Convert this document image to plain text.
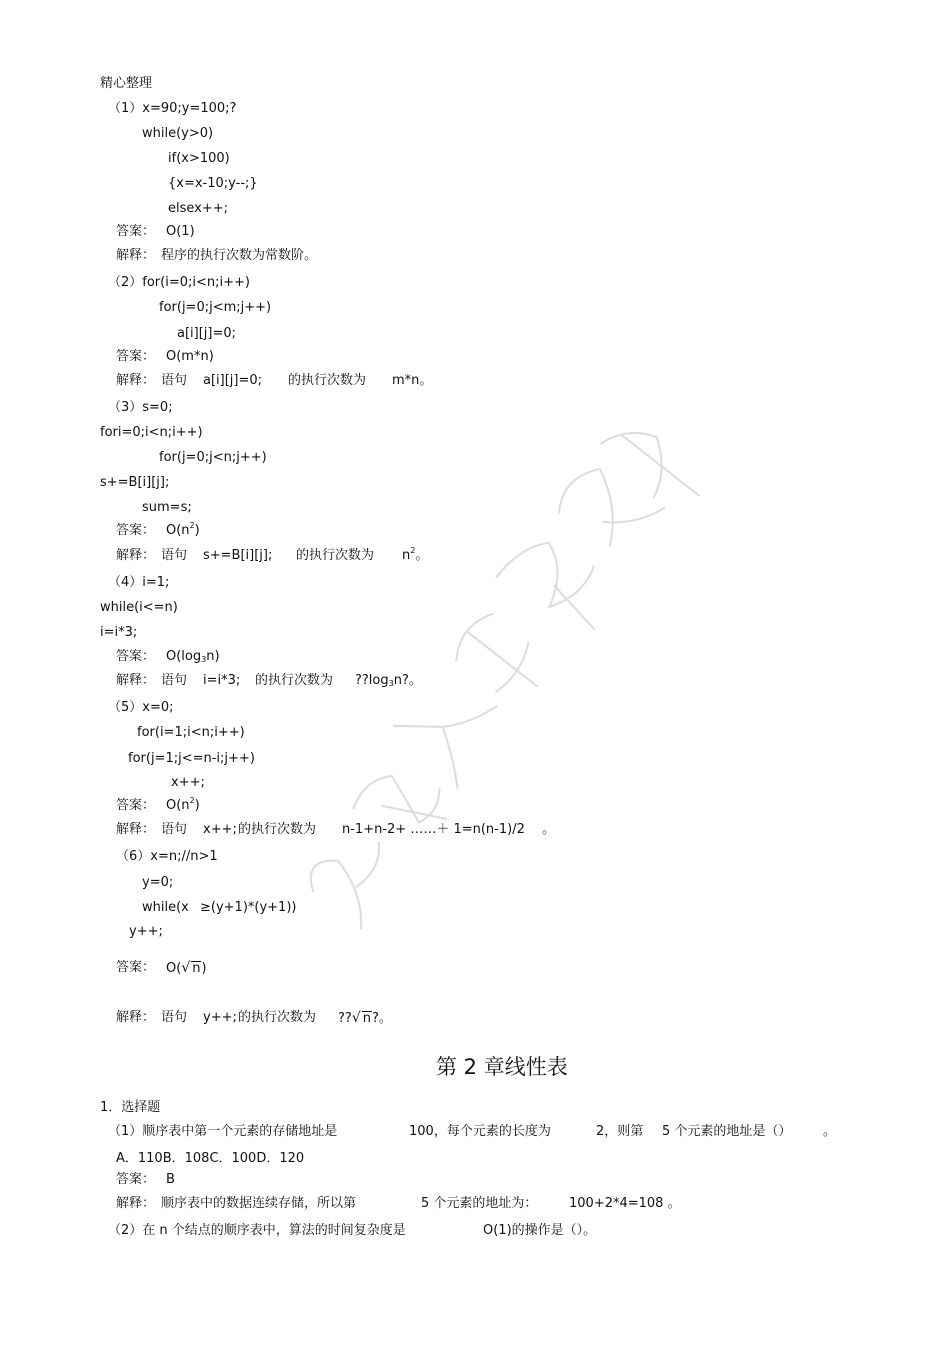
精心整理
（1）x=90;y=100;?
while(y>0)
if(x>100)
{x=x-10;y--;}
elsex++;
答案： O(1)
解释： 程序的执行次数为常数阶。
（2）for(i=0;i<n;i++)
for(j=0;j<m;j++)
a[i][j]=0;
答案： O(m*n)
解释： 语句 a[i][j]=0; 的执行次数为 m*n。
（3）s=0;
fori=0;i<n;i++)
for(j=0;j<n;j++)
s+=B[i][j];
sum=s;
答案： $O(n^2)$
解释： 语句 s+=B[i][j]; 的执行次数为 $n^2$。
（4）i=1;
while(i<=n)
i=i*3;
答案： $O(\log_3n)$
解释： 语句 i=i*3; 的执行次数为 $??\log_3n$?。
（5）x=0;
for(i=1;i<n;i++)
for(j=1;j<=n-i;j++)
x++;
答案： $O(n^2)$
解释： 语句 x++; 的执行次数为 n-1+n-2+ ……＋ 1=n(n-1)/2 。
（6）x=n;//n>1
y=0;
while(x ≥(y+1)*(y+1))
y++;
答案： O(√ n)
解释： 语句 y++; 的执行次数为 ??√ n?。
第 2 章线性表
1．选择题
（1）顺序表中第一个元素的存储地址是	100，每个元素的长度为	2，则第 5 个元素的地址是（） 。
A．110B．108C．100D．120
答案： B
解释： 顺序表中的数据连续存储，所以第	5 个元素的地址为： 100+2*4=108 。
（2）在 n 个结点的顺序表中，算法的时间复杂度是	O(1)的操作是（）。
